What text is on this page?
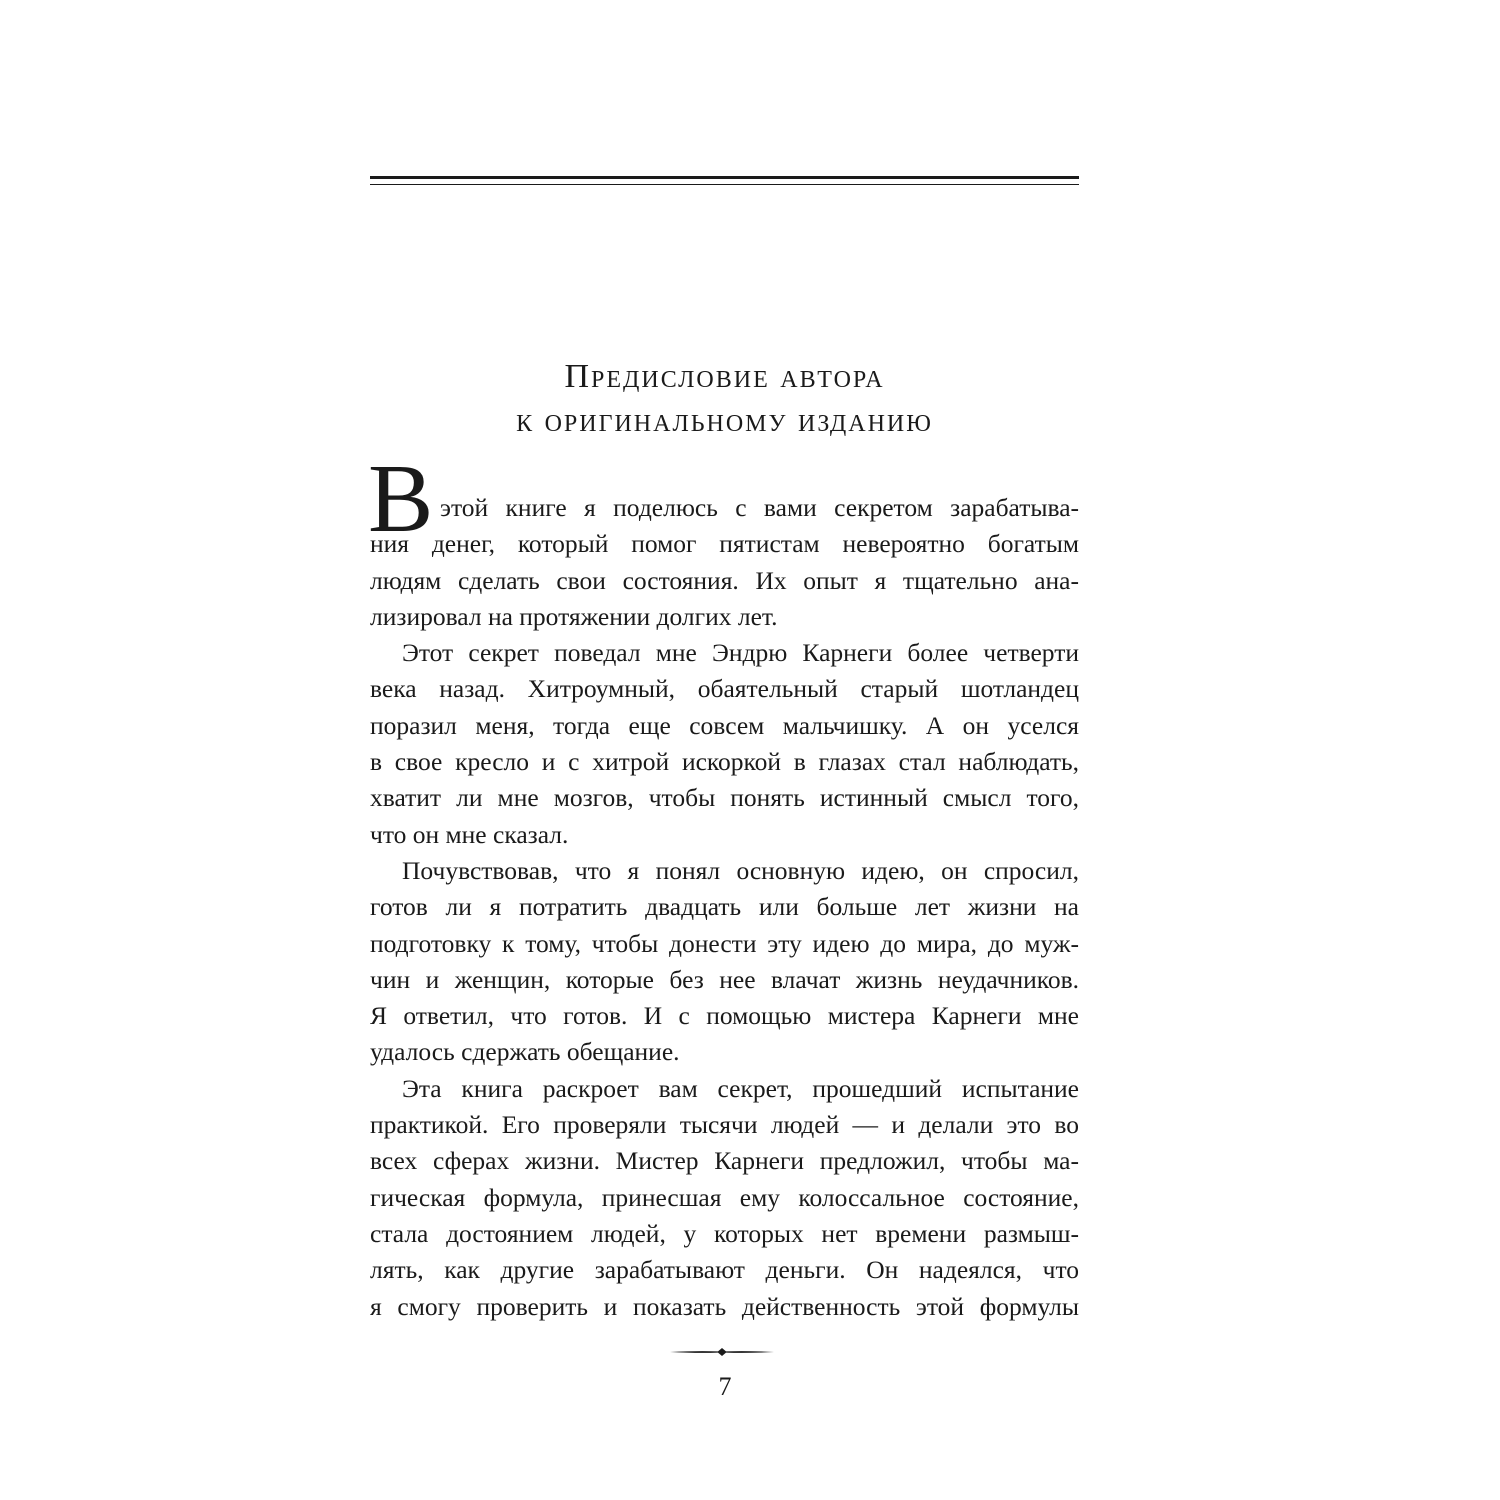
Предисловие автора
к оригинальному изданию
В этой книге я поделюсь с вами секретом зарабатыва-
ния денег, который помог пятистам невероятно богатым
людям сделать свои состояния. Их опыт я тщательно ана-
лизировал на протяжении долгих лет.
Этот секрет поведал мне Эндрю Карнеги более четверти
века назад. Хитроумный, обаятельный старый шотландец
поразил меня, тогда еще совсем мальчишку. А он уселся
в свое кресло и с хитрой искоркой в глазах стал наблюдать,
хватит ли мне мозгов, чтобы понять истинный смысл того,
что он мне сказал.
Почувствовав, что я понял основную идею, он спросил,
готов ли я потратить двадцать или больше лет жизни на
подготовку к тому, чтобы донести эту идею до мира, до муж-
чин и женщин, которые без нее влачат жизнь неудачников.
Я ответил, что готов. И с помощью мистера Карнеги мне
удалось сдержать обещание.
Эта книга раскроет вам секрет, прошедший испытание
практикой. Его проверяли тысячи людей — и делали это во
всех сферах жизни. Мистер Карнеги предложил, чтобы ма-
гическая формула, принесшая ему колоссальное состояние,
стала достоянием людей, у которых нет времени размыш-
лять, как другие зарабатывают деньги. Он надеялся, что
я смогу проверить и показать действенность этой формулы
7
